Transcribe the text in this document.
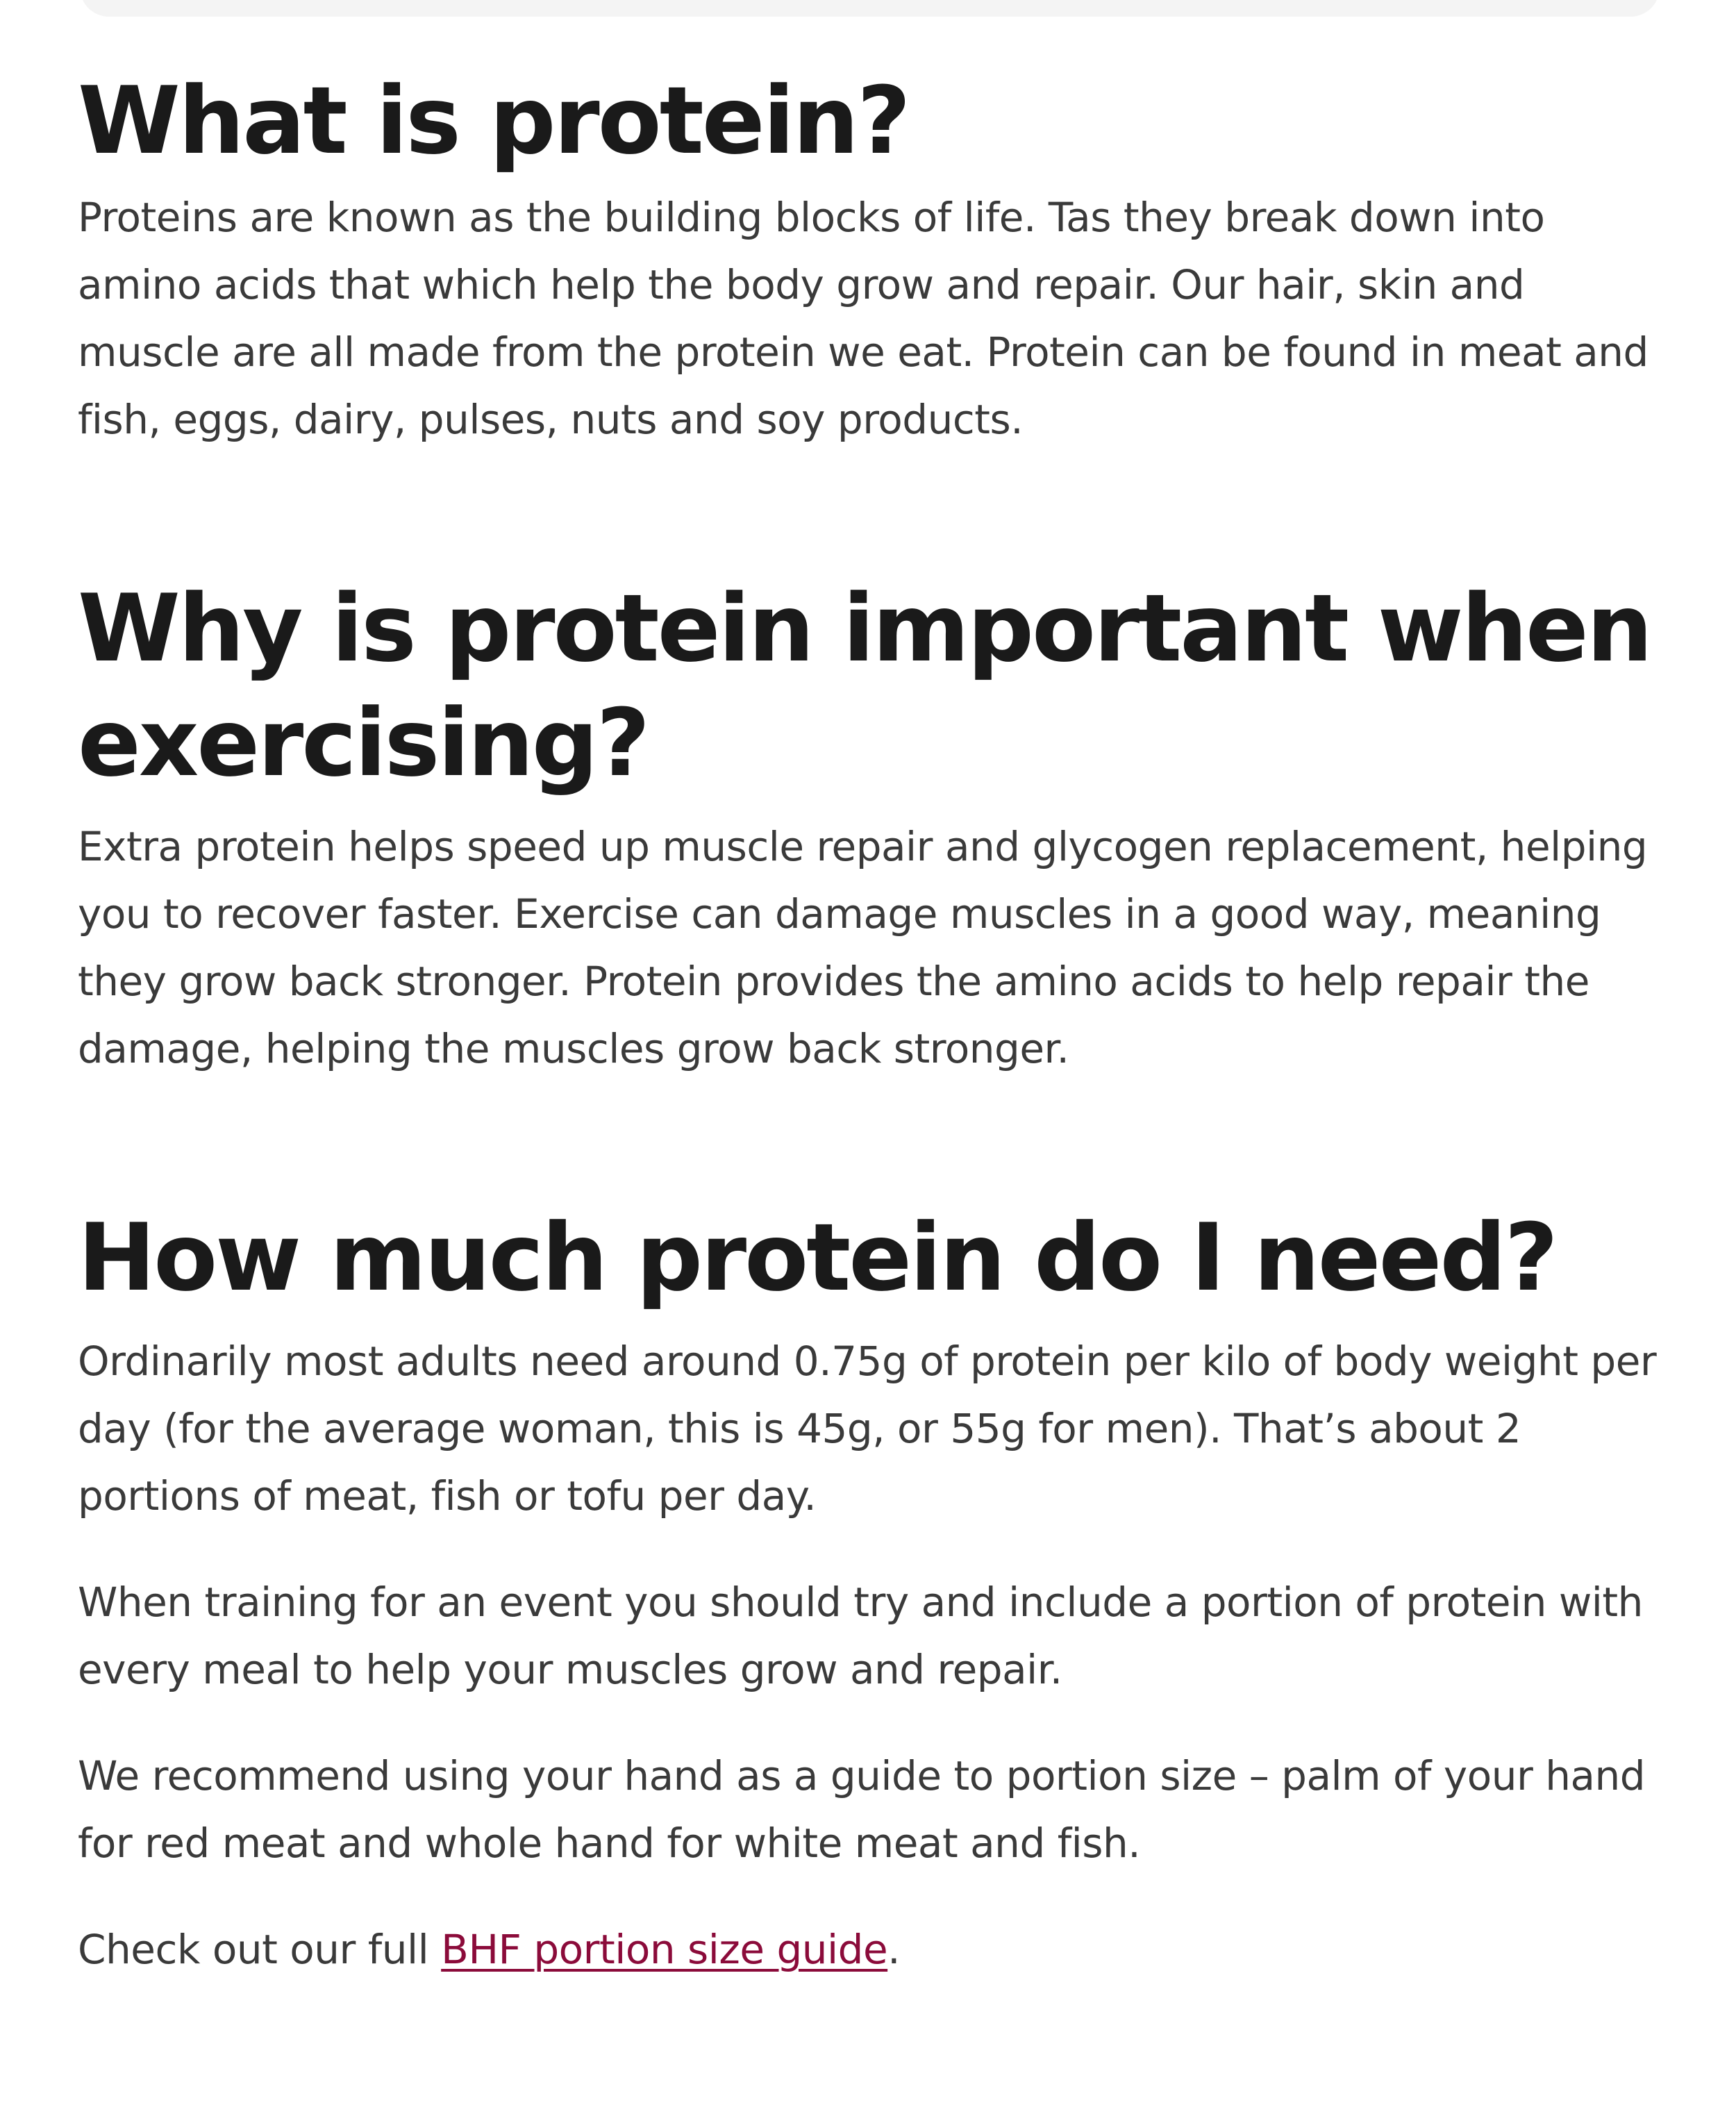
What is protein?

Proteins are known as the building blocks of life. Tas they break down into amino acids that which help the body grow and repair. Our hair, skin and muscle are all made from the protein we eat. Protein can be found in meat and fish, eggs, dairy, pulses, nuts and soy products.

Why is protein important when exercising?

Extra protein helps speed up muscle repair and glycogen replacement, helping you to recover faster. Exercise can damage muscles in a good way, meaning they grow back stronger. Protein provides the amino acids to help repair the damage, helping the muscles grow back stronger.

How much protein do I need?

Ordinarily most adults need around 0.75g of protein per kilo of body weight per day (for the average woman, this is 45g, or 55g for men). That’s about 2 portions of meat, fish or tofu per day.

When training for an event you should try and include a portion of protein with every meal to help your muscles grow and repair.

We recommend using your hand as a guide to portion size – palm of your hand for red meat and whole hand for white meat and fish.

Check out our full BHF portion size guide.
